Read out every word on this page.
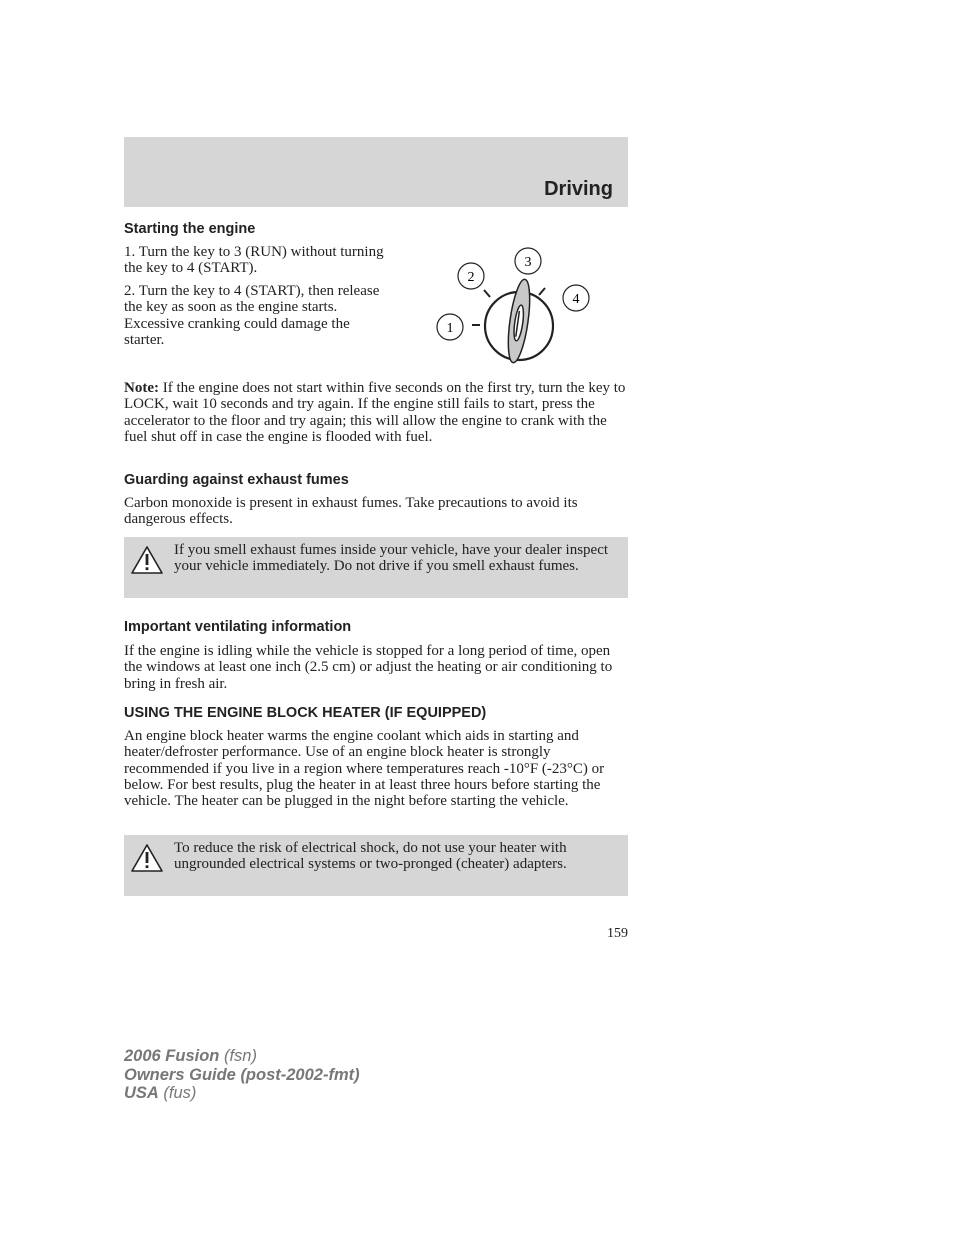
Driving
Starting the engine

1. Turn the key to 3 (RUN) without turning the key to 4 (START).

2. Turn the key to 4 (START), then release the key as soon as the engine starts. Excessive cranking could damage the starter.

1
2
3
4

Note: If the engine does not start within five seconds on the first try, turn the key to LOCK, wait 10 seconds and try again. If the engine still fails to start, press the accelerator to the floor and try again; this will allow the engine to crank with the fuel shut off in case the engine is flooded with fuel.

Guarding against exhaust fumes

Carbon monoxide is present in exhaust fumes. Take precautions to avoid its dangerous effects.

If you smell exhaust fumes inside your vehicle, have your dealer inspect your vehicle immediately. Do not drive if you smell exhaust fumes.
Important ventilating information

If the engine is idling while the vehicle is stopped for a long period of time, open the windows at least one inch (2.5 cm) or adjust the heating or air conditioning to bring in fresh air.

USING THE ENGINE BLOCK HEATER (IF EQUIPPED)

An engine block heater warms the engine coolant which aids in starting and heater/defroster performance. Use of an engine block heater is strongly recommended if you live in a region where temperatures reach -10°F (-23°C) or below. For best results, plug the heater in at least three hours before starting the vehicle. The heater can be plugged in the night before starting the vehicle.

To reduce the risk of electrical shock, do not use your heater with ungrounded electrical systems or two-pronged (cheater) adapters.
159
2006 Fusion (fsn)
Owners Guide (post-2002-fmt)
USA (fus)
